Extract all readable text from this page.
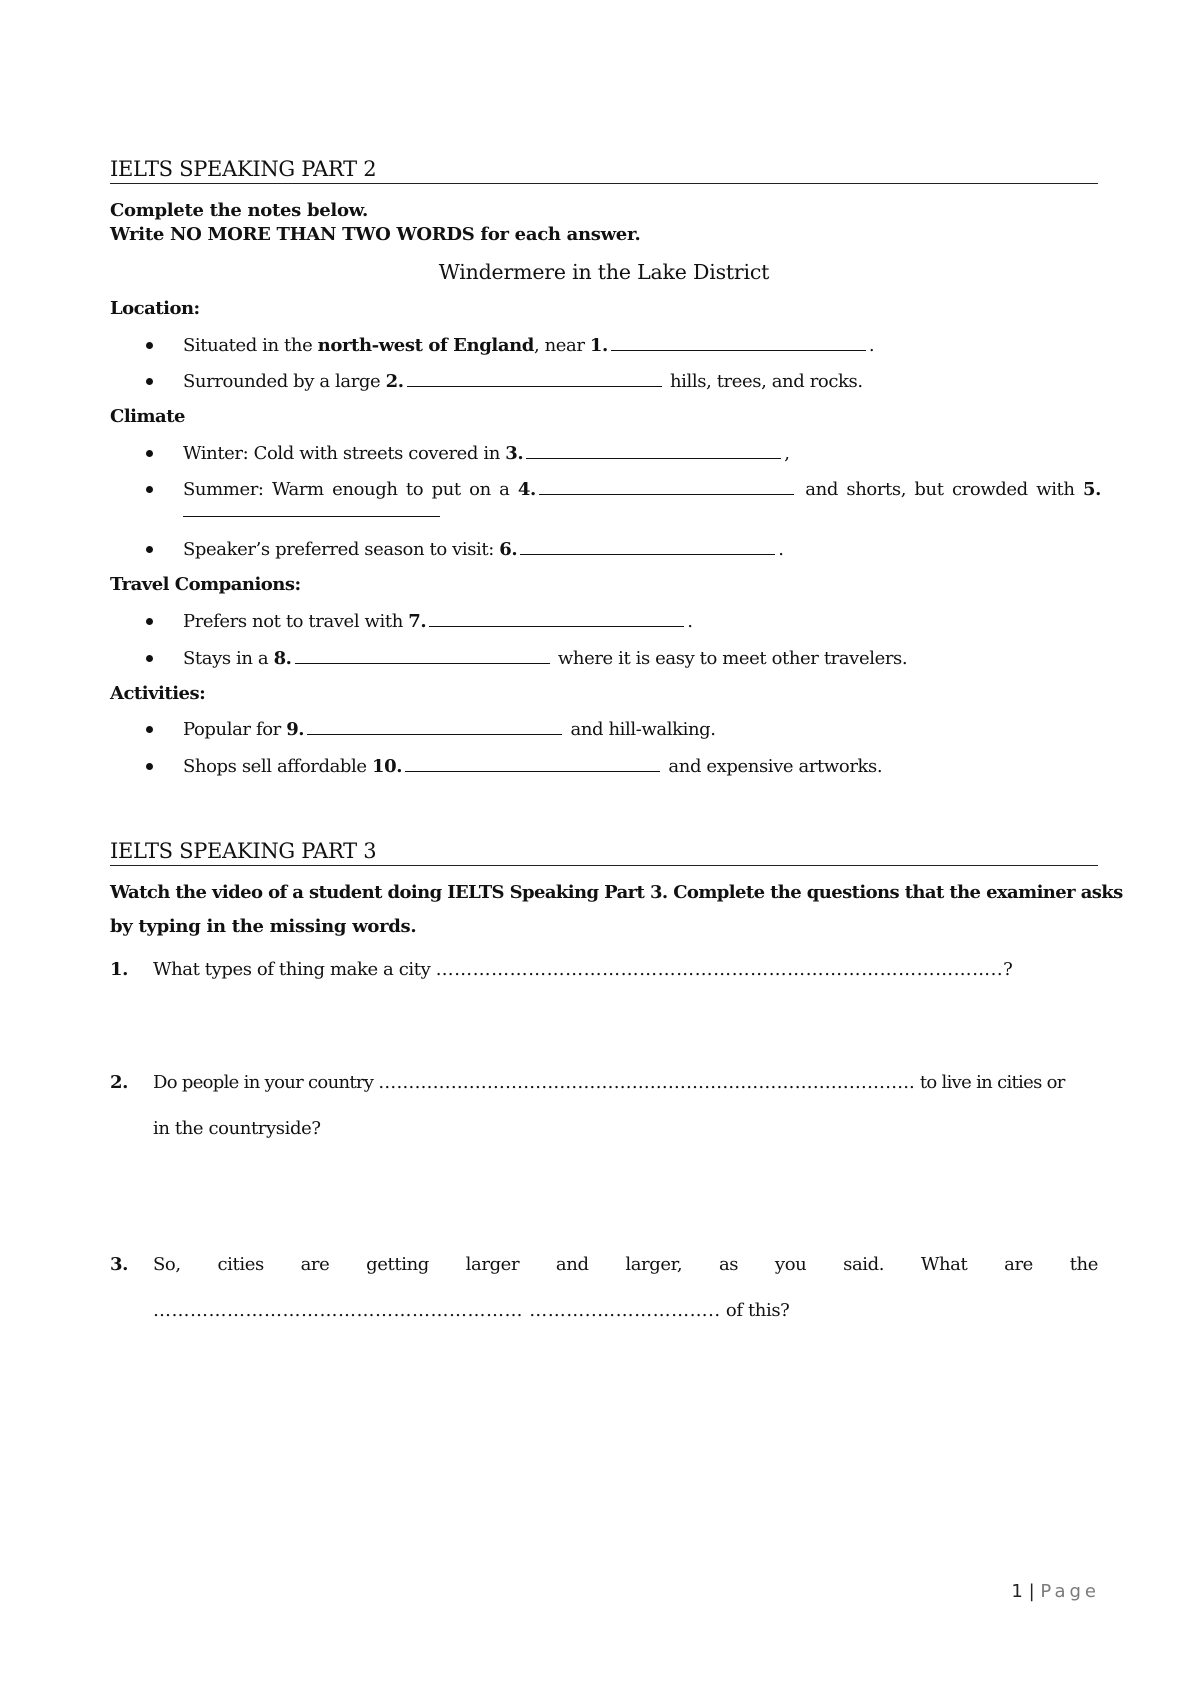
IELTS SPEAKING PART 2
Complete the notes below.
Write NO MORE THAN TWO WORDS for each answer.
Windermere in the Lake District
Location:
Situated in the north-west of England, near 1.	.
Surrounded by a large 2.	hills, trees, and rocks.
Climate
Winter: Cold with streets covered in 3.	,
Summer: Warm enough to put on a 4.	and shorts, but crowded with 5.
Speaker’s preferred season to visit: 6.	.
Travel Companions:
Prefers not to travel with 7.	.
Stays in a 8.	where it is easy to meet other travelers.
Activities:
Popular for 9.	and hill-walking.
Shops sell affordable 10.	and expensive artworks.
IELTS SPEAKING PART 3
Watch the video of a student doing IELTS Speaking Part 3. Complete the questions that the examiner asks
by typing in the missing words.
1. What types of thing make a city ………………………………………………………………………………..?
2. Do people in your country …………………………………………………………………………….. to live in cities or
in the countryside?
3. So, cities are getting larger and larger, as you said. What are the
…………………………………………………… ………..……………….. of this?
1 | Page
